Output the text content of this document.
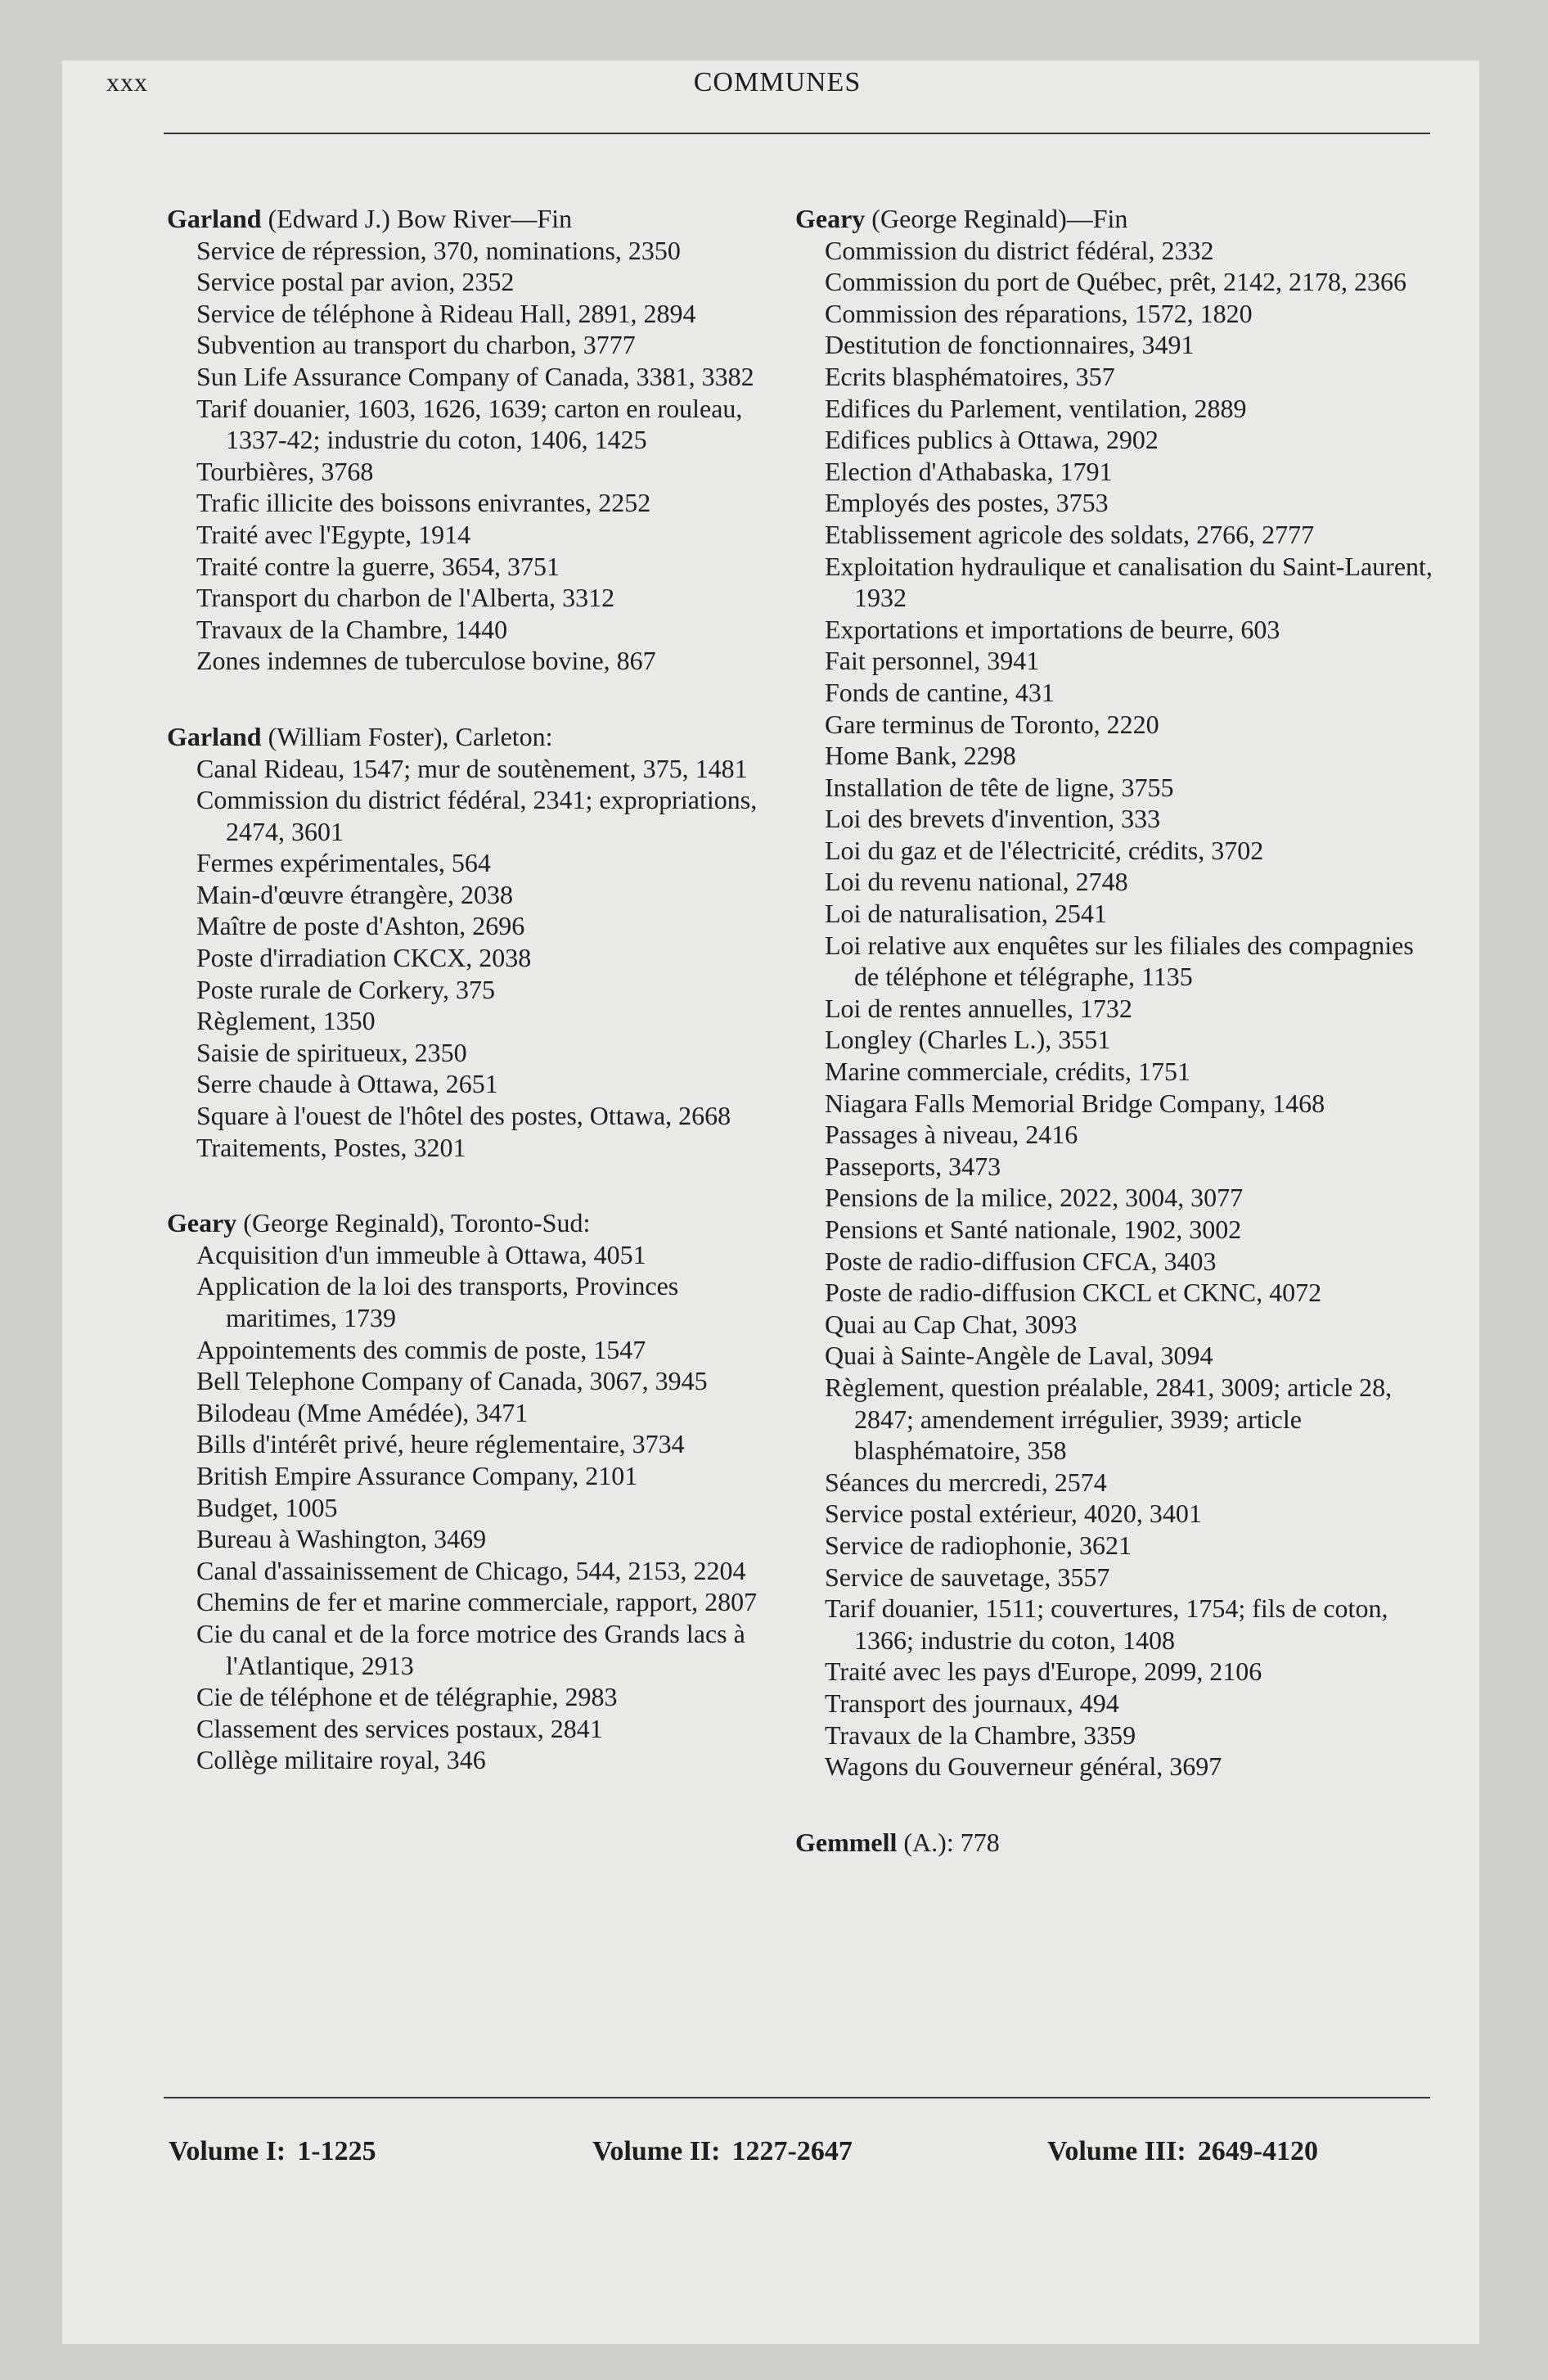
xxx	COMMUNES

Garland (Edward J.) Bow River—Fin

Service de répression, 370, nominations, 2350

Service postal par avion, 2352

Service de téléphone à Rideau Hall, 2891, 2894

Subvention au transport du charbon, 3777

Sun Life Assurance Company of Canada, 3381, 3382

Tarif douanier, 1603, 1626, 1639; carton en rouleau, 1337-42; industrie du coton, 1406, 1425

Tourbières, 3768

Trafic illicite des boissons enivrantes, 2252

Traité avec l'Egypte, 1914

Traité contre la guerre, 3654, 3751

Transport du charbon de l'Alberta, 3312

Travaux de la Chambre, 1440

Zones indemnes de tuberculose bovine, 867

Garland (William Foster), Carleton:

Canal Rideau, 1547; mur de soutènement, 375, 1481

Commission du district fédéral, 2341; expropriations, 2474, 3601

Fermes expérimentales, 564

Main-d'œuvre étrangère, 2038

Maître de poste d'Ashton, 2696

Poste d'irradiation CKCX, 2038

Poste rurale de Corkery, 375

Règlement, 1350

Saisie de spiritueux, 2350

Serre chaude à Ottawa, 2651

Square à l'ouest de l'hôtel des postes, Ottawa, 2668

Traitements, Postes, 3201

Geary (George Reginald), Toronto-Sud:

Acquisition d'un immeuble à Ottawa, 4051

Application de la loi des transports, Provinces maritimes, 1739

Appointements des commis de poste, 1547

Bell Telephone Company of Canada, 3067, 3945

Bilodeau (Mme Amédée), 3471

Bills d'intérêt privé, heure réglementaire, 3734

British Empire Assurance Company, 2101

Budget, 1005

Bureau à Washington, 3469

Canal d'assainissement de Chicago, 544, 2153, 2204

Chemins de fer et marine commerciale, rapport, 2807

Cie du canal et de la force motrice des Grands lacs à l'Atlantique, 2913

Cie de téléphone et de télégraphie, 2983

Classement des services postaux, 2841

Collège militaire royal, 346

Geary (George Reginald)—Fin

Commission du district fédéral, 2332

Commission du port de Québec, prêt, 2142, 2178, 2366

Commission des réparations, 1572, 1820

Destitution de fonctionnaires, 3491

Ecrits blasphématoires, 357

Edifices du Parlement, ventilation, 2889

Edifices publics à Ottawa, 2902

Election d'Athabaska, 1791

Employés des postes, 3753

Etablissement agricole des soldats, 2766, 2777

Exploitation hydraulique et canalisation du Saint-Laurent, 1932

Exportations et importations de beurre, 603

Fait personnel, 3941

Fonds de cantine, 431

Gare terminus de Toronto, 2220

Home Bank, 2298

Installation de tête de ligne, 3755

Loi des brevets d'invention, 333

Loi du gaz et de l'électricité, crédits, 3702

Loi du revenu national, 2748

Loi de naturalisation, 2541

Loi relative aux enquêtes sur les filiales des compagnies de téléphone et télégraphe, 1135

Loi de rentes annuelles, 1732

Longley (Charles L.), 3551

Marine commerciale, crédits, 1751

Niagara Falls Memorial Bridge Company, 1468

Passages à niveau, 2416

Passeports, 3473

Pensions de la milice, 2022, 3004, 3077

Pensions et Santé nationale, 1902, 3002

Poste de radio-diffusion CFCA, 3403

Poste de radio-diffusion CKCL et CKNC, 4072

Quai au Cap Chat, 3093

Quai à Sainte-Angèle de Laval, 3094

Règlement, question préalable, 2841, 3009; article 28, 2847; amendement irrégulier, 3939; article blasphématoire, 358

Séances du mercredi, 2574

Service postal extérieur, 4020, 3401

Service de radiophonie, 3621

Service de sauvetage, 3557

Tarif douanier, 1511; couvertures, 1754; fils de coton, 1366; industrie du coton, 1408

Traité avec les pays d'Europe, 2099, 2106

Transport des journaux, 494

Travaux de la Chambre, 3359

Wagons du Gouverneur général, 3697

Gemmell (A.): 778

Volume I: 1-1225	Volume II: 1227-2647	Volume III: 2649-4120
